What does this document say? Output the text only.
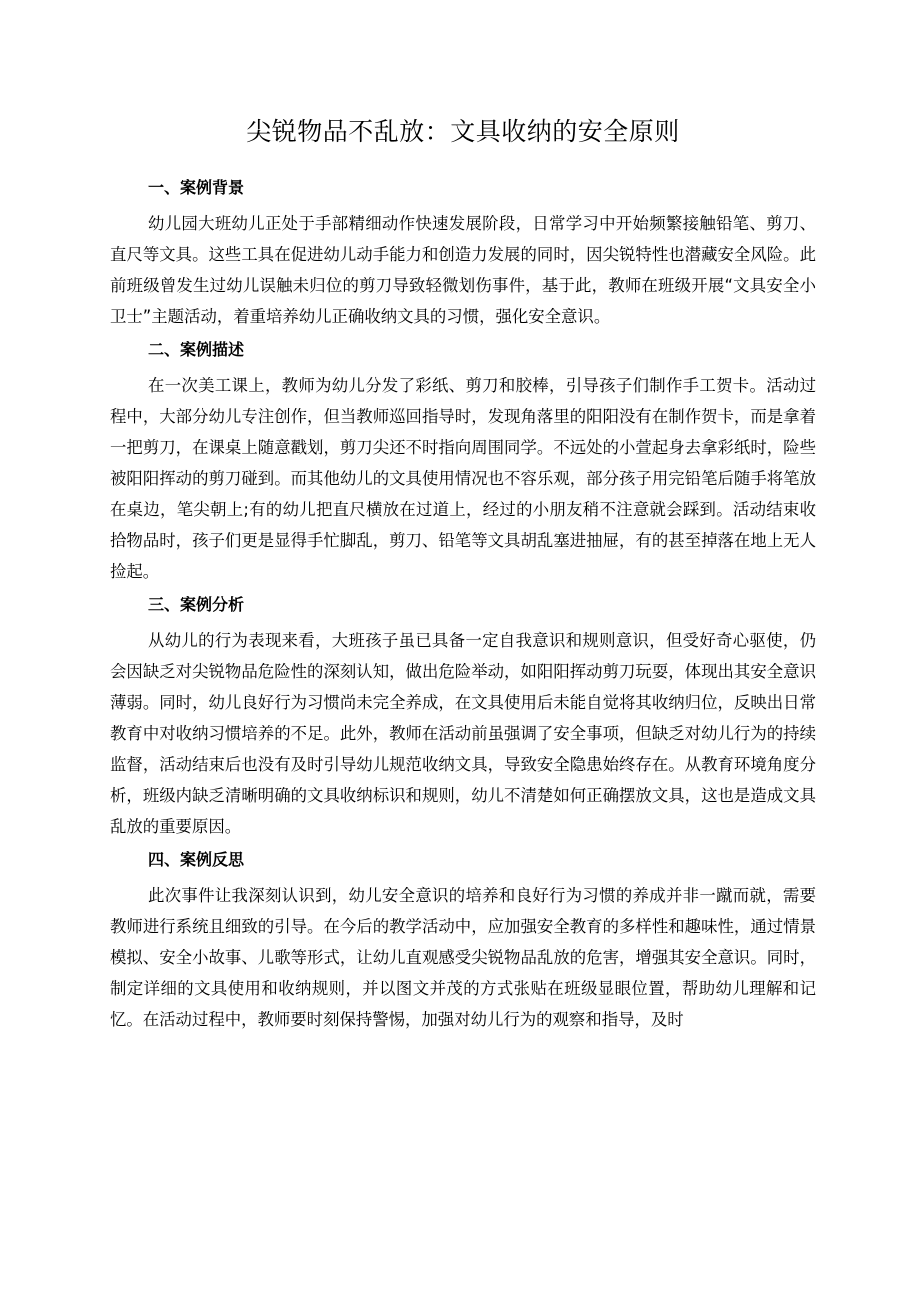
尖锐物品不乱放：文具收纳的安全原则
一、案例背景

幼儿园大班幼儿正处于手部精细动作快速发展阶段，日常学习中开始频繁接触铅笔、剪刀、直尺等文具。这些工具在促进幼儿动手能力和创造力发展的同时，因尖锐特性也潜藏安全风险。此前班级曾发生过幼儿误触未归位的剪刀导致轻微划伤事件，基于此，教师在班级开展“文具安全小卫士”主题活动，着重培养幼儿正确收纳文具的习惯，强化安全意识。

二、案例描述

在一次美工课上，教师为幼儿分发了彩纸、剪刀和胶棒，引导孩子们制作手工贺卡。活动过程中，大部分幼儿专注创作，但当教师巡回指导时，发现角落里的阳阳没有在制作贺卡，而是拿着一把剪刀，在课桌上随意戳划，剪刀尖还不时指向周围同学。不远处的小萱起身去拿彩纸时，险些被阳阳挥动的剪刀碰到。而其他幼儿的文具使用情况也不容乐观，部分孩子用完铅笔后随手将笔放在桌边，笔尖朝上;有的幼儿把直尺横放在过道上，经过的小朋友稍不注意就会踩到。活动结束收拾物品时，孩子们更是显得手忙脚乱，剪刀、铅笔等文具胡乱塞进抽屉，有的甚至掉落在地上无人捡起。

三、案例分析

从幼儿的行为表现来看，大班孩子虽已具备一定自我意识和规则意识，但受好奇心驱使，仍会因缺乏对尖锐物品危险性的深刻认知，做出危险举动，如阳阳挥动剪刀玩耍，体现出其安全意识薄弱。同时，幼儿良好行为习惯尚未完全养成，在文具使用后未能自觉将其收纳归位，反映出日常教育中对收纳习惯培养的不足。此外，教师在活动前虽强调了安全事项，但缺乏对幼儿行为的持续监督，活动结束后也没有及时引导幼儿规范收纳文具，导致安全隐患始终存在。从教育环境角度分析，班级内缺乏清晰明确的文具收纳标识和规则，幼儿不清楚如何正确摆放文具，这也是造成文具乱放的重要原因。

四、案例反思

此次事件让我深刻认识到，幼儿安全意识的培养和良好行为习惯的养成并非一蹴而就，需要教师进行系统且细致的引导。在今后的教学活动中，应加强安全教育的多样性和趣味性，通过情景模拟、安全小故事、儿歌等形式，让幼儿直观感受尖锐物品乱放的危害，增强其安全意识。同时，制定详细的文具使用和收纳规则，并以图文并茂的方式张贴在班级显眼位置，帮助幼儿理解和记忆。在活动过程中，教师要时刻保持警惕，加强对幼儿行为的观察和指导，及时
